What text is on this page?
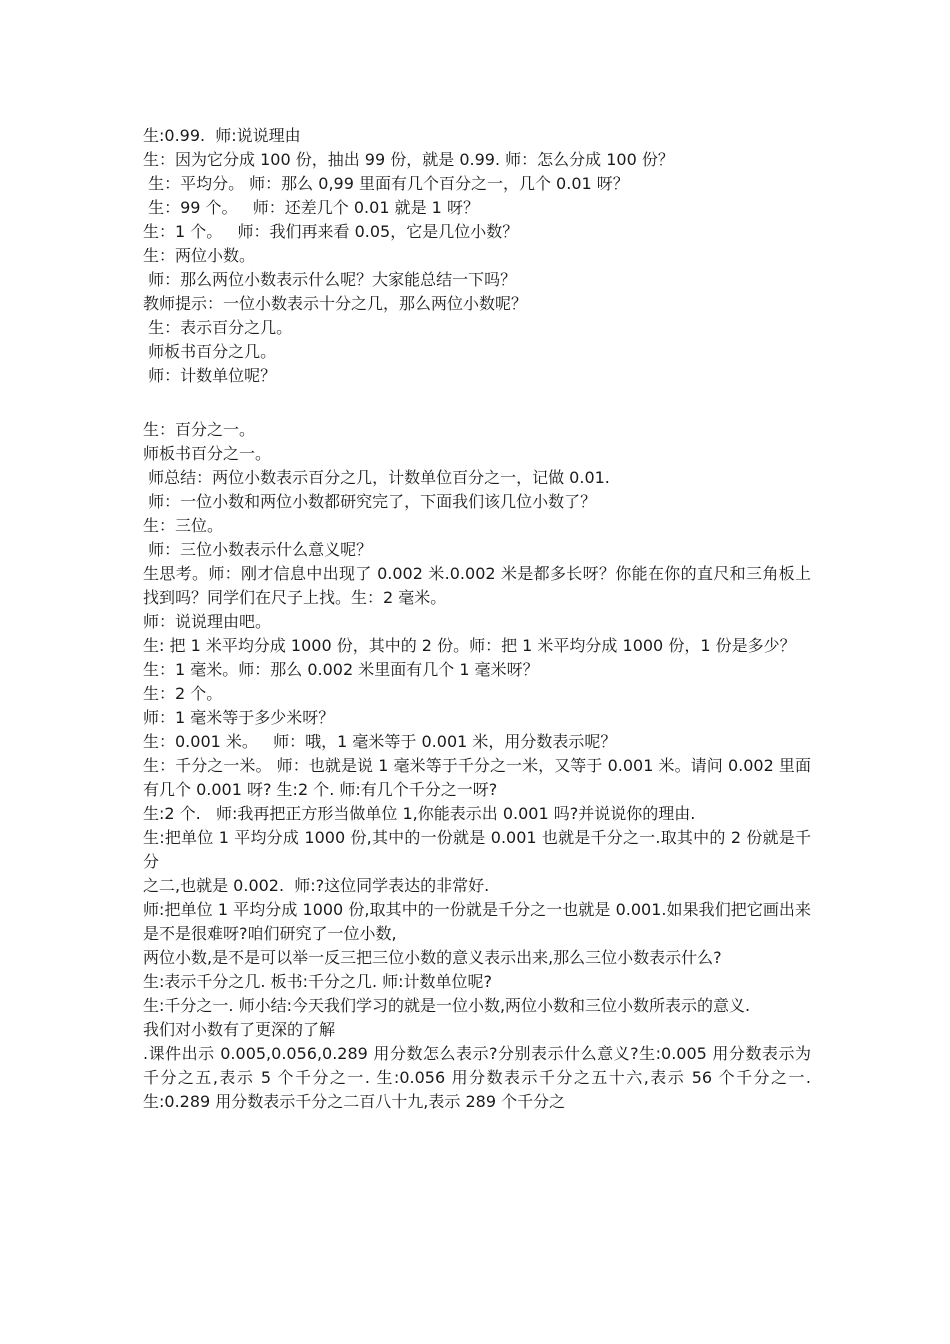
生:0.99.  师:说说理由
生：因为它分成 100 份，抽出 99 份，就是 0.99. 师：怎么分成 100 份？
生：平均分。 师：那么 0,99 里面有几个百分之一，几个 0.01 呀？
生：99 个。   师：还差几个 0.01 就是 1 呀？
生：1 个。   师：我们再来看 0.05，它是几位小数？
生：两位小数。
师：那么两位小数表示什么呢？大家能总结一下吗？
教师提示：一位小数表示十分之几，那么两位小数呢？
生：表示百分之几。
师板书百分之几。
师：计数单位呢？
生：百分之一。
师板书百分之一。
师总结：两位小数表示百分之几，计数单位百分之一，记做 0.01.
师：一位小数和两位小数都研究完了，下面我们该几位小数了？
生：三位。
师：三位小数表示什么意义呢？
生思考。师：刚才信息中出现了 0.002 米.0.002 米是都多长呀？你能在你的直尺和三角板上找到吗？同学们在尺子上找。生：2 毫米。
师：说说理由吧。
生: 把 1 米平均分成 1000 份，其中的 2 份。师：把 1 米平均分成 1000 份，1 份是多少？
生：1 毫米。师：那么 0.002 米里面有几个 1 毫米呀？
生：2 个。
师：1 毫米等于多少米呀？
生：0.001 米。   师：哦，1 毫米等于 0.001 米，用分数表示呢？
生：千分之一米。 师：也就是说 1 毫米等于千分之一米，又等于 0.001 米。请问 0.002 里面有几个 0.001 呀? 生:2 个. 师:有几个千分之一呀?
生:2 个.   师:我再把正方形当做单位 1,你能表示出 0.001 吗?并说说你的理由.
生:把单位 1 平均分成 1000 份,其中的一份就是 0.001 也就是千分之一.取其中的 2 份就是千分
之二,也就是 0.002.  师:?这位同学表达的非常好.
师:把单位 1 平均分成 1000 份,取其中的一份就是千分之一也就是 0.001.如果我们把它画出来是不是很难呀?咱们研究了一位小数,
两位小数,是不是可以举一反三把三位小数的意义表示出来,那么三位小数表示什么?
生:表示千分之几. 板书:千分之几. 师:计数单位呢?
生:千分之一. 师小结:今天我们学习的就是一位小数,两位小数和三位小数所表示的意义.
我们对小数有了更深的了解
.课件出示 0.005,0.056,0.289 用分数怎么表示?分别表示什么意义?生:0.005 用分数表示为千分之五,表示 5 个千分之一. 生:0.056 用分数表示千分之五十六,表示 56 个千分之一. 生:0.289 用分数表示千分之二百八十九,表示 289 个千分之
